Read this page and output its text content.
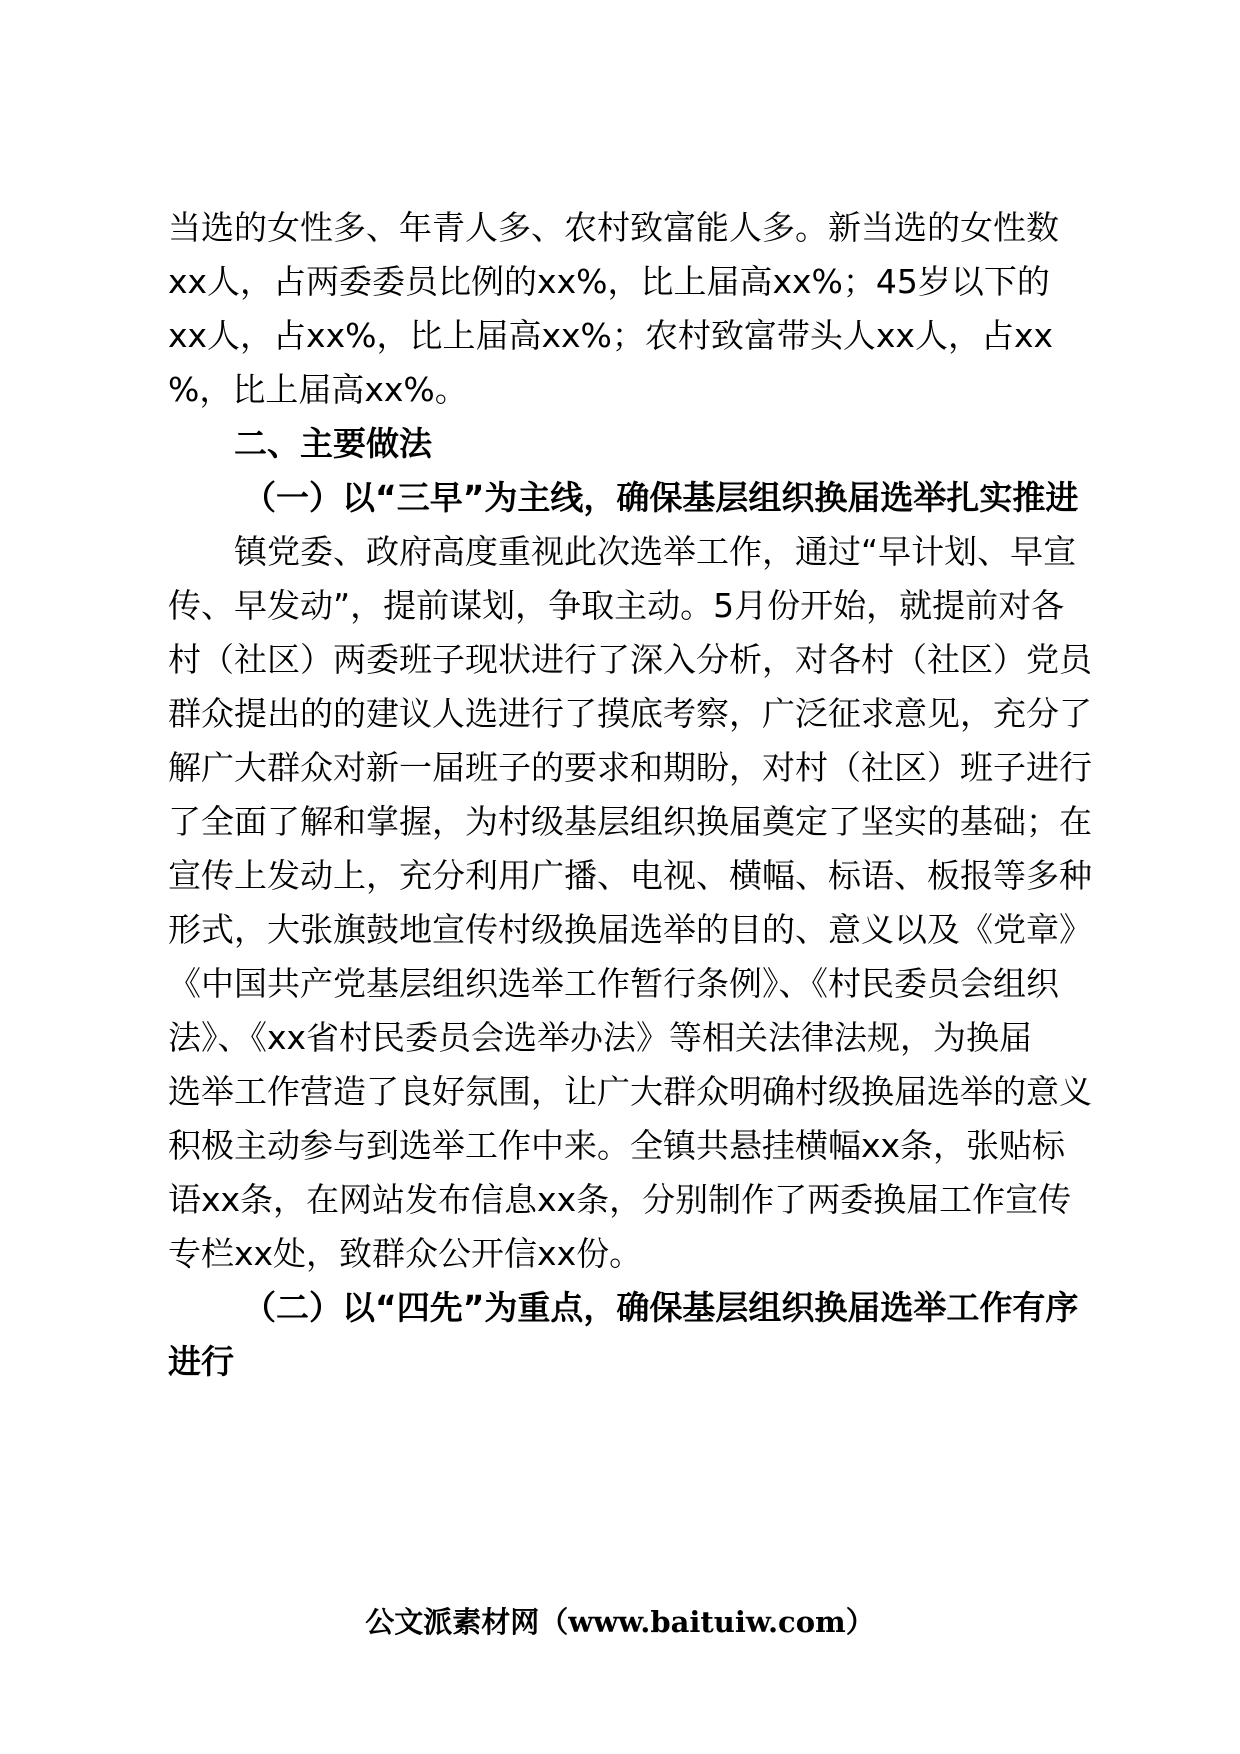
当选的女性多、年青人多、农村致富能人多。新当选的女性数
xx人，占两委委员比例的xx%，比上届高xx%；45岁以下的
xx人，占xx%，比上届高xx%；农村致富带头人xx人，占xx
%，比上届高xx%。
二、主要做法
（一）以“三早”为主线，确保基层组织换届选举扎实推进
镇党委、政府高度重视此次选举工作，通过“早计划、早宣
传、早发动”，提前谋划，争取主动。5月份开始，就提前对各
村（社区）两委班子现状进行了深入分析，对各村（社区）党员
群众提出的的建议人选进行了摸底考察，广泛征求意见，充分了
解广大群众对新一届班子的要求和期盼，对村（社区）班子进行
了全面了解和掌握，为村级基层组织换届奠定了坚实的基础；在
宣传上发动上，充分利用广播、电视、横幅、标语、板报等多种
形式，大张旗鼓地宣传村级换届选举的目的、意义以及《党章》
《中国共产党基层组织选举工作暂行条例》、《村民委员会组织
法》、《xx省村民委员会选举办法》等相关法律法规，为换届
选举工作营造了良好氛围，让广大群众明确村级换届选举的意义
积极主动参与到选举工作中来。全镇共悬挂横幅xx条，张贴标
语xx条，在网站发布信息xx条，分别制作了两委换届工作宣传
专栏xx处，致群众公开信xx份。
（二）以“四先”为重点，确保基层组织换届选举工作有序
进行
公文派素材网（www.baituiw.com）
